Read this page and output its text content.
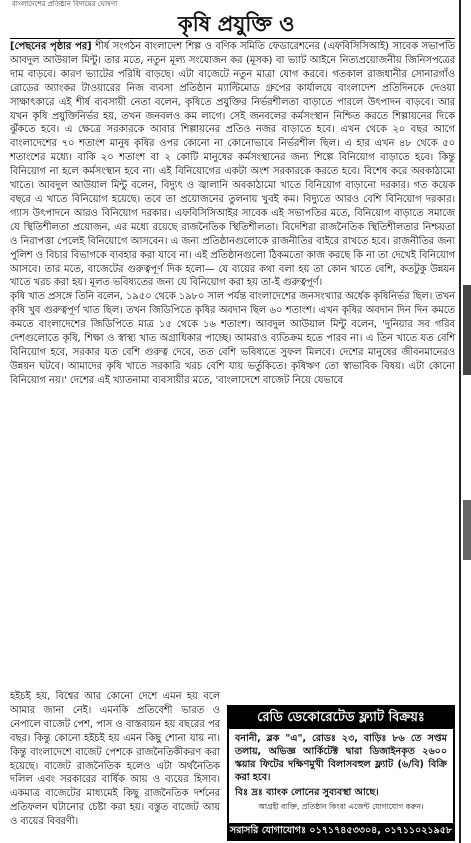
বাংলাদেশের প্রতিষ্ঠান বিদায়ের ঘোষণা
কৃষি প্রযুক্তি ও

[পেছনের পৃষ্ঠার পর] শীর্ষ সংগঠন বাংলাদেশ শিল্প ও বণিক সমিতি ফেডারেশনের (এফবিসিসিআই) সাবেক সভাপতি আবদুল আউয়াল মিন্টু। তার মতে, নতুন মূল্য সংযোজন কর (মূসক) বা ভ্যাট আইনে নিত্যপ্রয়োজনীয় জিনিসপত্রের দাম বাড়বে। কারণ ভ্যাটের পরিধি বাড়ছে। এটা বাজেটে নতুন মাত্রা যোগ করবে। গতকাল রাজধানীর সোনারগাঁও রোডের অ্যাংকর টাওয়ারের নিজ ব্যবসা প্রতিষ্ঠান ম্যাল্টিমোড গ্রুপের কার্যালয়ে বাংলাদেশ প্রতিদিনকে দেওয়া সাক্ষাৎকারে এই শীর্ষ ব্যবসায়ী নেতা বলেন, কৃষিতে প্রযুক্তির নির্ভরশীলতা বাড়াতে পারলে উৎপাদন বাড়বে। আর যখন কৃষি প্রযুক্তিনির্ভর হয়, তখন জনবলও কম লাগে। সেই জনবলের কর্মসংস্থান নিশ্চিত করতে শিল্পায়নের দিকে ঝুঁকতে হবে। এ ক্ষেত্রে সরকারকে আবার শিল্পায়নের প্রতিও নজর বাড়াতে হবে। এখন থেকে ২০ বছর আগে বাংলাদেশের ৭০ শতাংশ মানুষ কৃষির ওপর কোনো না কোনোভাবে নির্ভরশীল ছিল। এ হার এখন ৪৮ থেকে ৫০ শতাংশের মধ্যে। বাকি ২০ শতাংশ বা ২ কোটি মানুষের কর্মসংস্থানের জন্য শিল্পে বিনিয়োগ বাড়াতে হবে। কিন্তু বিনিয়োগ না হলে কর্মসংস্থান হবে না। এই বিনিয়োগের একটা অংশ সরকারকে করতে হবে। বিশেষ করে অবকাঠামো খাতে। আবদুল আউয়াল মিন্টু বলেন, বিদ্যুৎ ও জ্বালানি অবকাঠামো খাতে বিনিয়োগ বাড়ানো দরকার। গত কয়েক বছরে এ খাতে বিনিয়োগ হয়েছে। তবে তা প্রয়োজনের তুলনায় খুবই কম। বিদ্যুতে আরও বেশি বিনিয়োগ দরকার। গ্যাস উৎপাদনে আরও বিনিয়োগ দরকার। এফবিসিসিআইর সাবেক এই সভাপতির মতে, বিনিয়োগ বাড়াতে সমাজে যে স্থিতিশীলতা প্রয়োজন, এর মধ্যে রয়েছে রাজনৈতিক স্থিতিশীলতা। বিদেশিরা রাজনৈতিক স্থিতিশীলতার নিশ্চয়তা ও নিরাপত্তা পেলেই বিনিয়োগে আসবেন। এ জন্য প্রতিষ্ঠানগুলোকে রাজনীতির বাইরে রাখতে হবে। রাজনীতির জন্য পুলিশ ও বিচার বিভাগকে ব্যবহার করা যাবে না। এই প্রতিষ্ঠানগুলো ঠিকমতো কাজ করছে কি না তা দেখেই বিনিয়োগ আসবে। তার মতে, বাজেটের গুরুত্বপূর্ণ দিক হলো— যে ব্যয়ের কথা বলা হয় তা কোন খাতে বেশি, কতটুকু উন্নয়ন খাতে খরচ করা হয়। মূলত ভবিষ্যতের জন্য যে বিনিয়োগ করা হয় তা-ই গুরুত্বপূর্ণ।

কৃষি খাত প্রসঙ্গে তিনি বলেন, ১৯৫০ থেকে ১৯৮০ সাল পর্যন্ত বাংলাদেশের জনসংখ্যার অর্ধেক কৃষিনির্ভর ছিল। তখন কৃষি খুব গুরুত্বপূর্ণ খাত ছিল। তখন জিডিপিতে কৃষির অবদান ছিল ৬০ শতাংশ। এখন কৃষির অবদান দিন দিন কমতে কমতে বাংলাদেশের জিডিপিতে মাত্র ১৫ থেকে ১৬ শতাংশ। আবদুল আউয়াল মিন্টু বলেন, 'দুনিয়ার সব গরিব দেশগুলোতে কৃষি, শিক্ষা ও স্বাস্থ্য খাত অগ্রাধিকার পাচ্ছে। আমরাও ব্যতিক্রম হতে পারব না। এ তিন খাতে যত বেশি বিনিয়োগ হবে, সরকার যত বেশি গুরুত্ব দেবে, তত বেশি ভবিষ্যতে সুফল মিলবে। দেশের মানুষের জীবনমানেরও উন্নয়ন ঘটবে। আমাদের কৃষি খাতে সরকারি খরচ বেশি যায় ভর্তুকিতে। কৃষিঋণ তো স্বাভাবিক বিষয়। এটা কোনো বিনিয়োগ নয়।' দেশের এই খ্যাতনামা ব্যবসায়ীর মতে, 'বাংলাদেশে বাজেট নিয়ে যেভাবে

হইচই হয়, বিশ্বের আর কোনো দেশে এমন হয় বলে আমার জানা নেই। এমনকি প্রতিবেশী ভারত ও নেপালে বাজেট পেশ, পাস ও বাস্তবায়ন হয় বছরের পর বছর। কিন্তু কোনো হইচই হয় এমন কিছু শোনা যায় না। কিন্তু বাংলাদেশে বাজেট পেশকে রাজনৈতিকীকরণ করা হয়েছে। বাজেট রাজনৈতিক হলেও এটা অর্থনৈতিক দলিল এবং সরকারের বার্ষিক আয় ও ব্যয়ের হিসাব। একমাত্র বাজেটের মাধ্যমেই কিছু রাজনৈতিক দর্শনের প্রতিফলন ঘটানোর চেষ্টা করা হয়। বস্তুত বাজেট আয় ও ব্যয়ের বিবরণী।
রেডি ডেকোরেটেড ফ্ল্যাট বিক্রয়ঃ
বনানী, ব্লক "এ", রোডঃ ২৩, বাড়িঃ ৮৬ তে সপ্তম তলায়, অভিজ্ঞ আর্কিটেক্ট দ্বারা ডিজাইনকৃত ২৬০০ স্কয়ার ফিটের দক্ষিণমুখী বিলাসবহুল ফ্ল্যাট (৬/বি) বিক্রি করা হবে।
বিঃ দ্রঃ ব্যাংক লোনের সুব্যবস্থা আছে।
আগ্রহী ব্যক্তি, প্রতিষ্ঠান কিংবা এজেন্ট যোগাযোগ করুন।
সরাসরি যোগাযোগঃ ০১৭১৭৪৫৩৩০৪, ০১৭১১০২১৯৫৮
